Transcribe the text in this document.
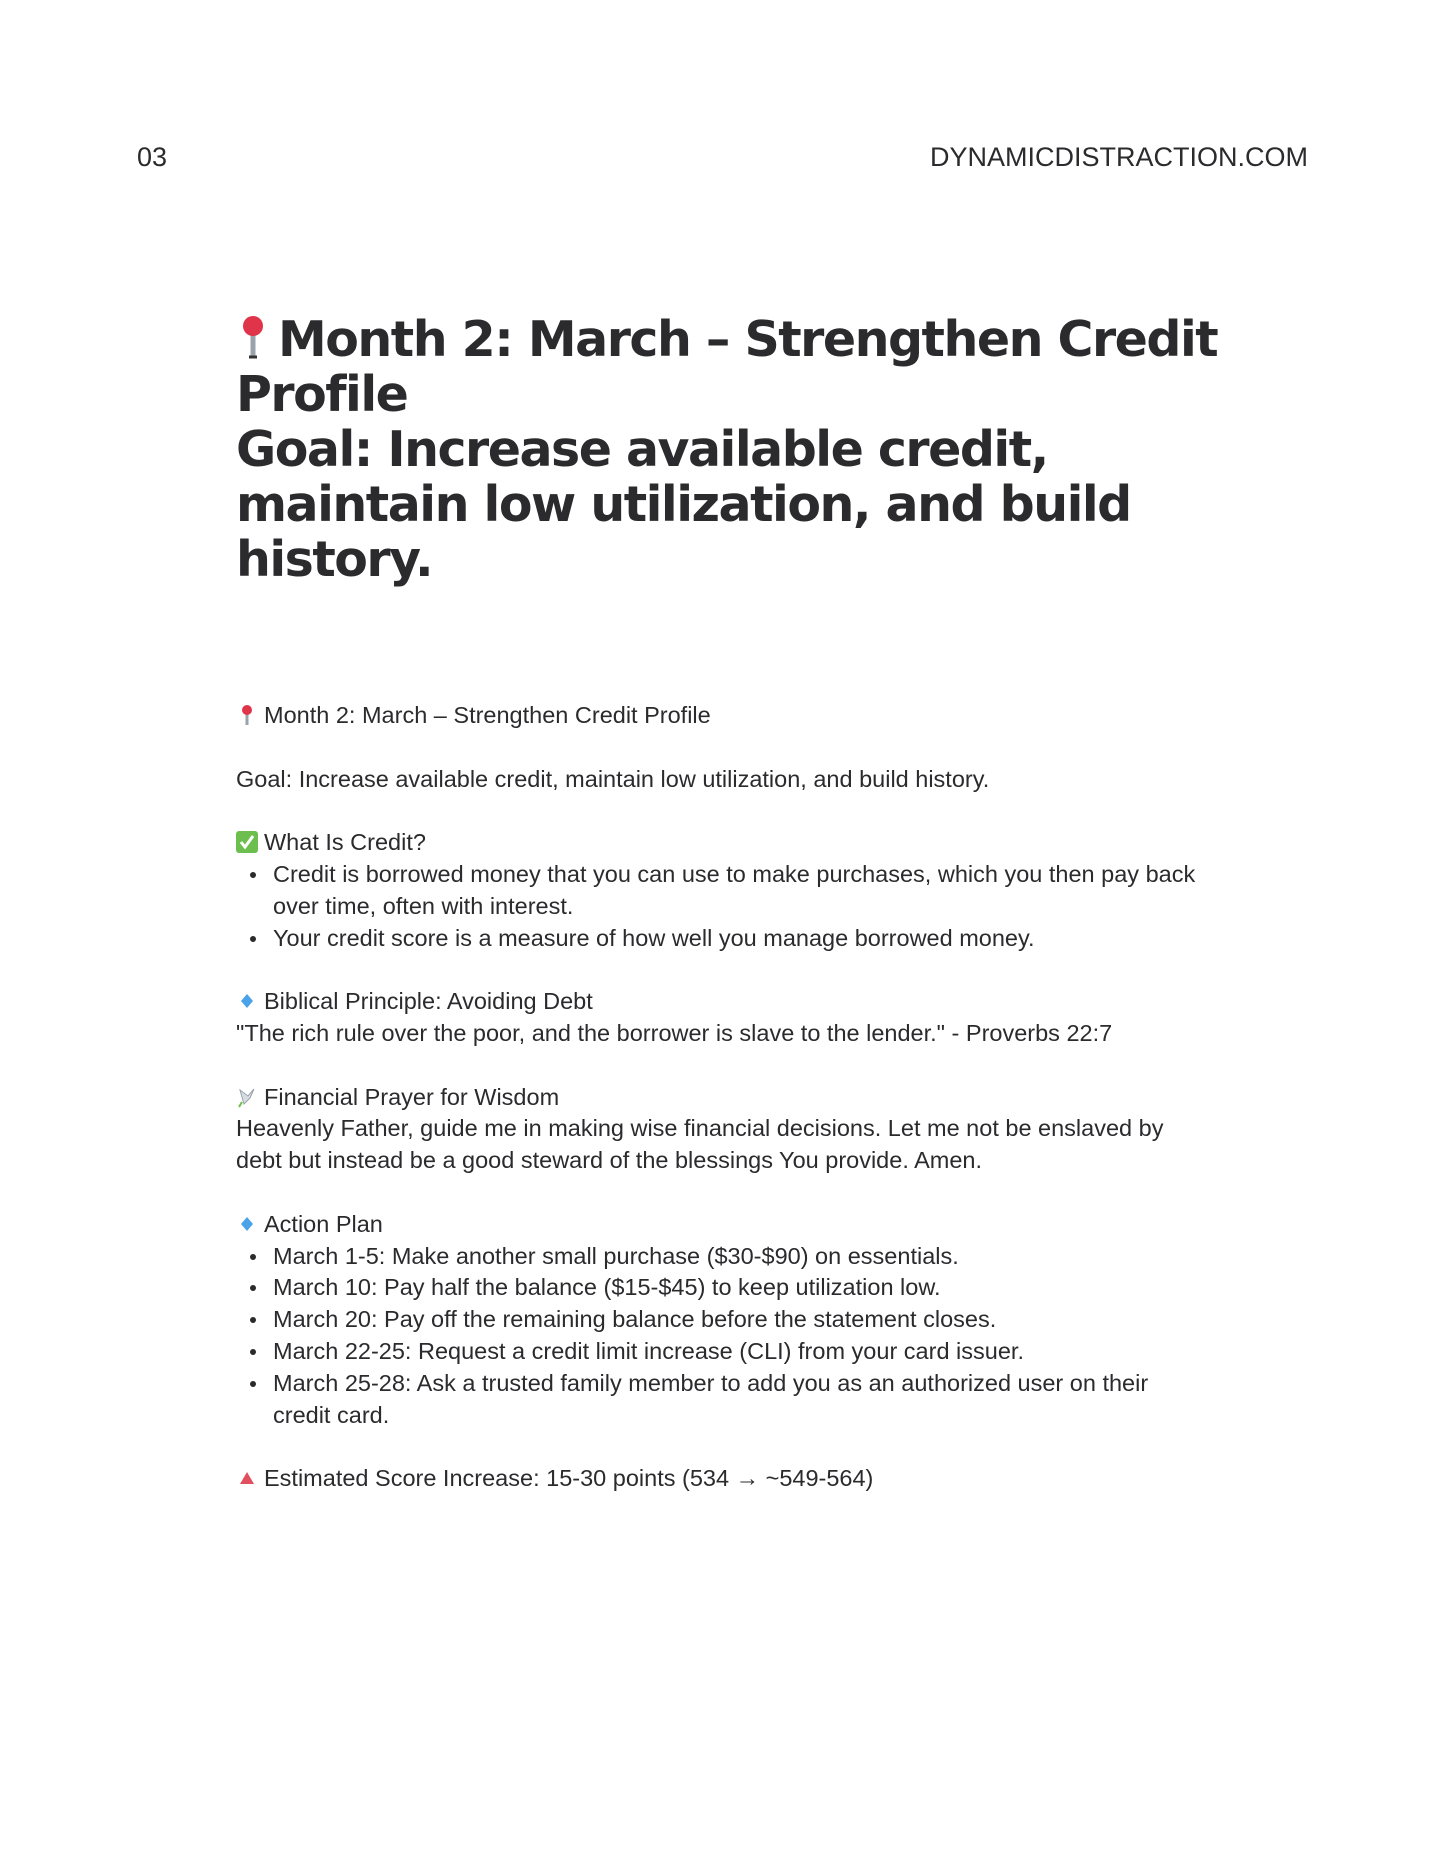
03	DYNAMICDISTRACTION.COM
Month 2: March – Strengthen Credit Profile
Goal: Increase available credit, maintain low utilization, and build history.
Month 2: March – Strengthen Credit Profile
Goal: Increase available credit, maintain low utilization, and build history.
What Is Credit?
Credit is borrowed money that you can use to make purchases, which you then pay back over time, often with interest.
Your credit score is a measure of how well you manage borrowed money.
Biblical Principle: Avoiding Debt
"The rich rule over the poor, and the borrower is slave to the lender." - Proverbs 22:7
Financial Prayer for Wisdom
Heavenly Father, guide me in making wise financial decisions. Let me not be enslaved by debt but instead be a good steward of the blessings You provide. Amen.
Action Plan
March 1-5: Make another small purchase ($30-$90) on essentials.
March 10: Pay half the balance ($15-$45) to keep utilization low.
March 20: Pay off the remaining balance before the statement closes.
March 22-25: Request a credit limit increase (CLI) from your card issuer.
March 25-28: Ask a trusted family member to add you as an authorized user on their credit card.
Estimated Score Increase: 15-30 points (534 → ~549-564)
